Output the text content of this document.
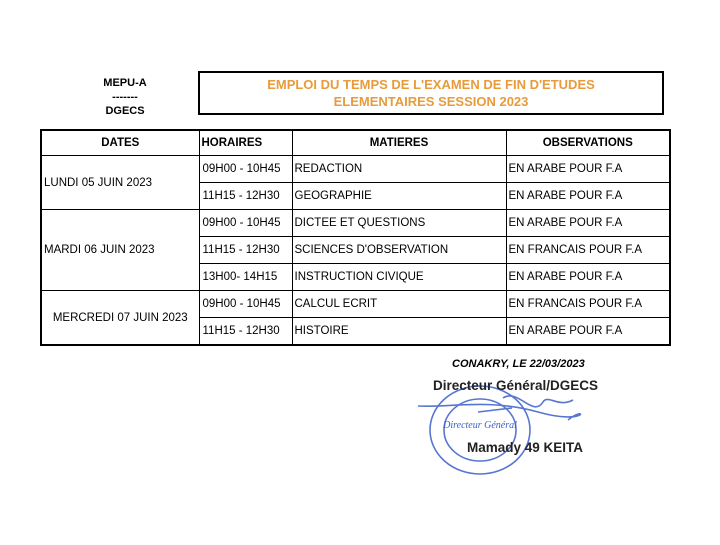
MEPU-A
-------
DGECS
EMPLOI DU TEMPS DE L'EXAMEN DE FIN D'ETUDES
ELEMENTAIRES SESSION 2023
DATES	HORAIRES	MATIERES	OBSERVATIONS
LUNDI 05 JUIN 2023	09H00 - 10H45	REDACTION	EN ARABE POUR F.A
	11H15 - 12H30	GEOGRAPHIE	EN ARABE POUR F.A
MARDI 06 JUIN 2023	09H00 - 10H45	DICTEE ET QUESTIONS	EN ARABE POUR F.A
	11H15 - 12H30	SCIENCES D'OBSERVATION	EN FRANCAIS POUR F.A
	13H00- 14H15	INSTRUCTION CIVIQUE	EN ARABE POUR F.A
MERCREDI 07 JUIN 2023	09H00 - 10H45	CALCUL ECRIT	EN FRANCAIS POUR F.A
	11H15 - 12H30	HISTOIRE	EN ARABE POUR F.A
CONAKRY, LE 22/03/2023
Directeur Général
Directeur Général/DGECS
Mamady 49 KEITA
